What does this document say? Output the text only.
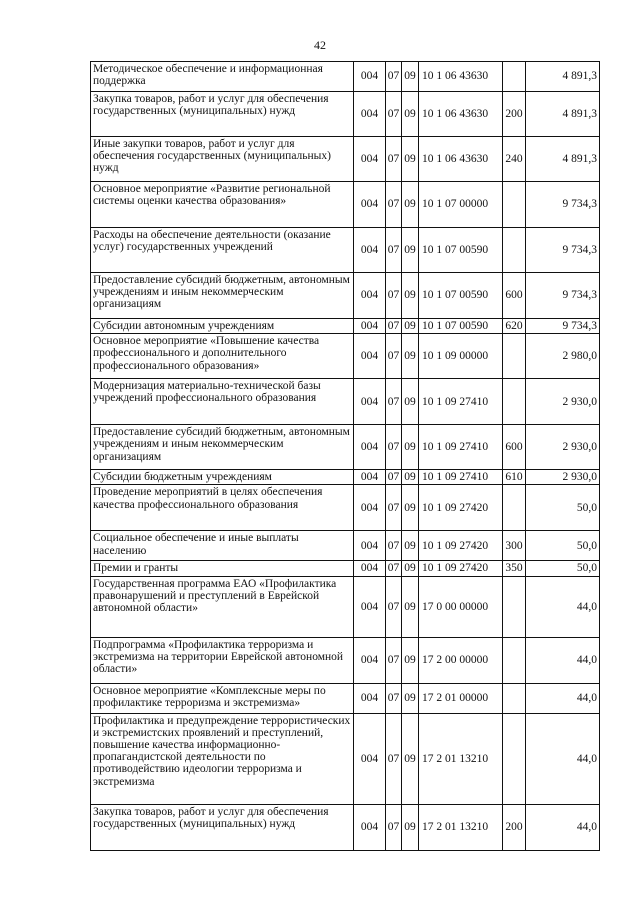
42
Методическое обеспечение и информационная поддержка	004	07	09	10 1 06 43630		4 891,3

Закупка товаров, работ и услуг для обеспечения государственных (муниципальных) нужд	004	07	09	10 1 06 43630	200	4 891,3

Иные закупки товаров, работ и услуг для обеспечения государственных (муниципальных) нужд	004	07	09	10 1 06 43630	240	4 891,3

Основное мероприятие «Развитие региональной системы оценки качества образования»	004	07	09	10 1 07 00000		9 734,3

Расходы на обеспечение деятельности (оказание услуг) государственных учреждений	004	07	09	10 1 07 00590		9 734,3

Предоставление субсидий бюджетным, автономным учреждениям и иным некоммерческим организациям	004	07	09	10 1 07 00590	600	9 734,3

Субсидии автономным учреждениям	004	07	09	10 1 07 00590	620	9 734,3

Основное мероприятие «Повышение качества профессионального и дополнительного профессионального образования»	004	07	09	10 1 09 00000		2 980,0

Модернизация материально-технической базы учреждений профессионального образования	004	07	09	10 1 09 27410		2 930,0

Предоставление субсидий бюджетным, автономным учреждениям и иным некоммерческим организациям	004	07	09	10 1 09 27410	600	2 930,0

Субсидии бюджетным учреждениям	004	07	09	10 1 09 27410	610	2 930,0

Проведение мероприятий в целях обеспечения качества профессионального образования	004	07	09	10 1 09 27420		50,0

Социальное обеспечение и иные выплаты населению	004	07	09	10 1 09 27420	300	50,0

Премии и гранты	004	07	09	10 1 09 27420	350	50,0

Государственная программа ЕАО «Профилактика правонарушений и преступлений в Еврейской автономной области»	004	07	09	17 0 00 00000		44,0

Подпрограмма «Профилактика терроризма и экстремизма на территории Еврейской автономной области»	004	07	09	17 2 00 00000		44,0

Основное мероприятие «Комплексные меры по профилактике терроризма и экстремизма»	004	07	09	17 2 01 00000		44,0

Профилактика и предупреждение террористических и экстремистских проявлений и преступлений, повышение качества информационно-пропагандистской деятельности по противодействию идеологии терроризма и экстремизма	004	07	09	17 2 01 13210		44,0

Закупка товаров, работ и услуг для обеспечения государственных (муниципальных) нужд	004	07	09	17 2 01 13210	200	44,0
